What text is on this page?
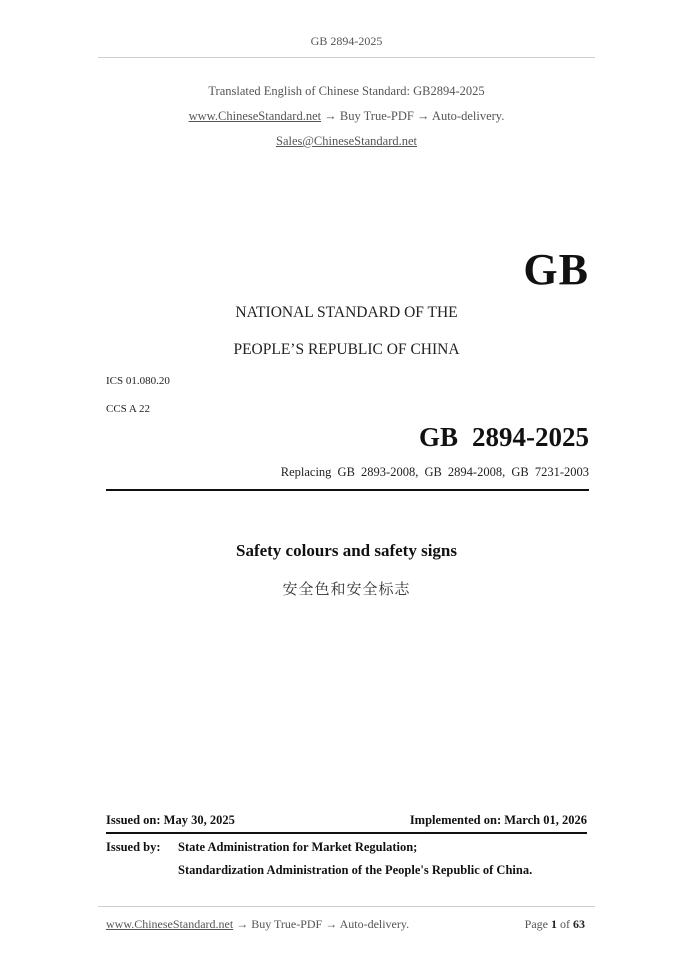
GB 2894-2025
Translated English of Chinese Standard: GB2894-2025
www.ChineseStandard.net → Buy True-PDF → Auto-delivery.
Sales@ChineseStandard.net
GB
NATIONAL STANDARD OF THE
PEOPLE’S REPUBLIC OF CHINA
ICS 01.080.20
CCS A 22
GB 2894-2025
Replacing GB 2893-2008, GB 2894-2008, GB 7231-2003
Safety colours and safety signs
安全色和安全标志
Issued on: May 30, 2025	Implemented on: March 01, 2026
Issued by: State Administration for Market Regulation;
Standardization Administration of the People's Republic of China.
www.ChineseStandard.net → Buy True-PDF → Auto-delivery.	Page 1 of 63
